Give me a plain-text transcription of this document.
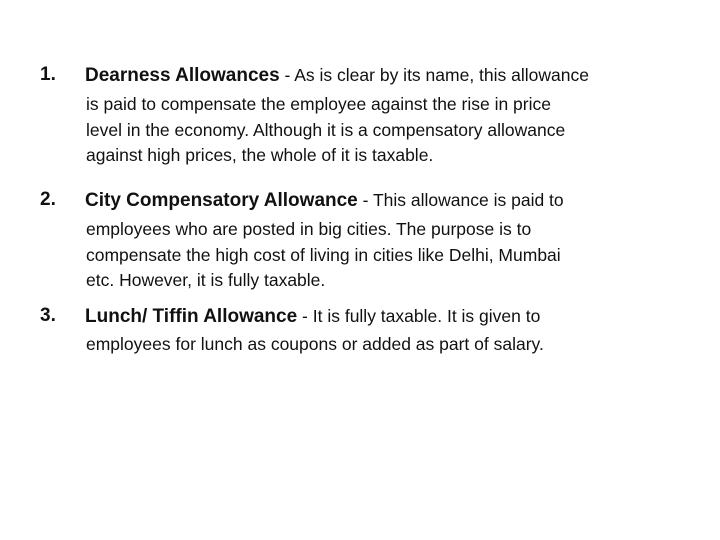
1. Dearness Allowances - As is clear by its name, this allowance
is paid to compensate the employee against the rise in price
level in the economy. Although it is a compensatory allowance
against high prices, the whole of it is taxable.
2. City Compensatory Allowance - This allowance is paid to
employees who are posted in big cities. The purpose is to
compensate the high cost of living in cities like Delhi, Mumbai
etc. However, it is fully taxable.
3. Lunch/ Tiffin Allowance - It is fully taxable. It is given to
employees for lunch as coupons or added as part of salary.
